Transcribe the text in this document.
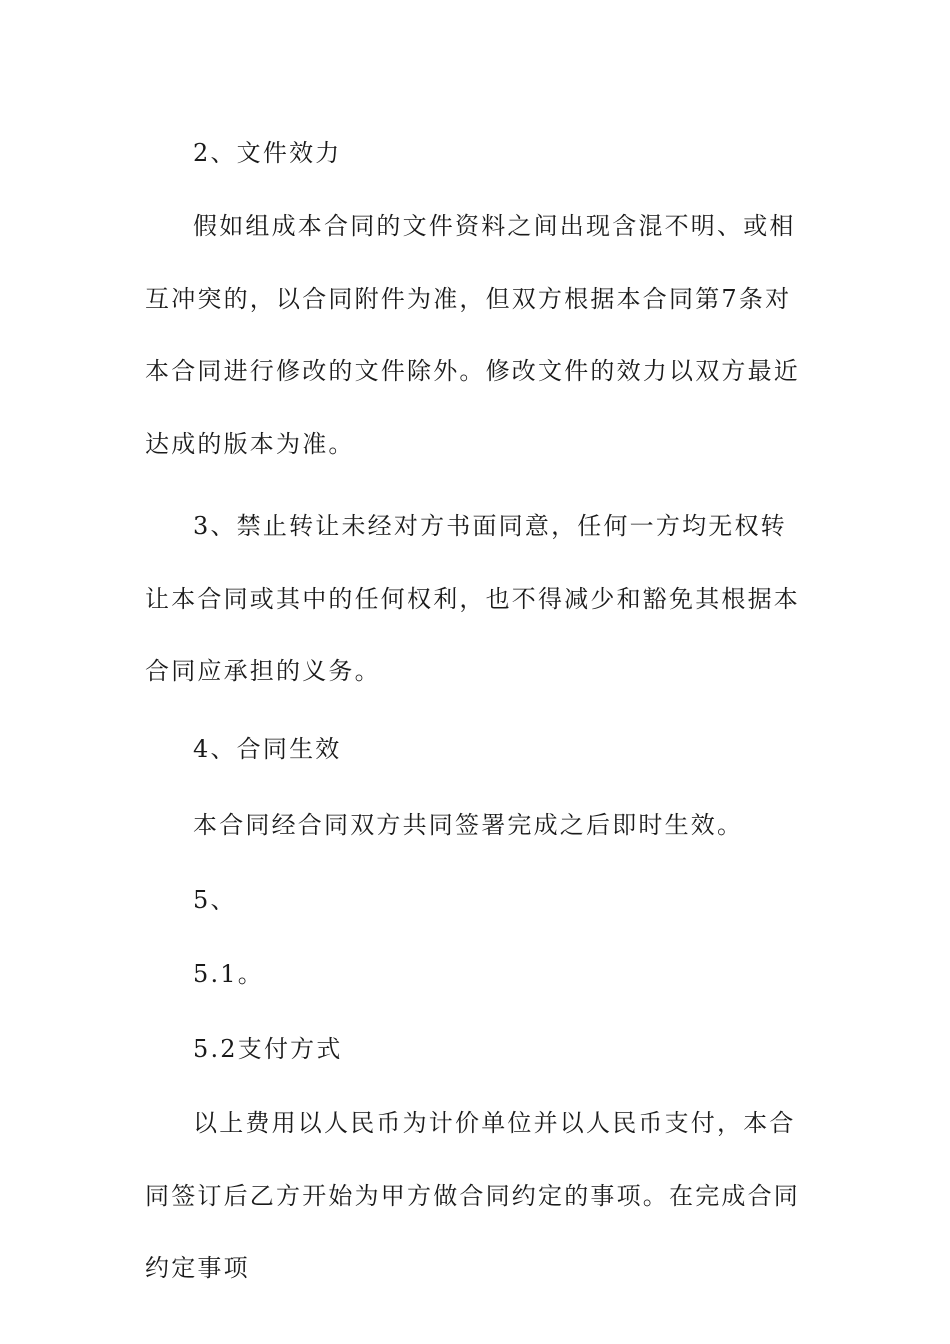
2、文件效力

假如组成本合同的文件资料之间出现含混不明、或相互冲突的，以合同附件为准，但双方根据本合同第7条对本合同进行修改的文件除外。修改文件的效力以双方最近达成的版本为准。

3、禁止转让未经对方书面同意，任何一方均无权转让本合同或其中的任何权利，也不得减少和豁免其根据本合同应承担的义务。

4、合同生效

本合同经合同双方共同签署完成之后即时生效。

5、

5.1。

5.2支付方式

以上费用以人民币为计价单位并以人民币支付，本合同签订后乙方开始为甲方做合同约定的事项。在完成合同约定事项
